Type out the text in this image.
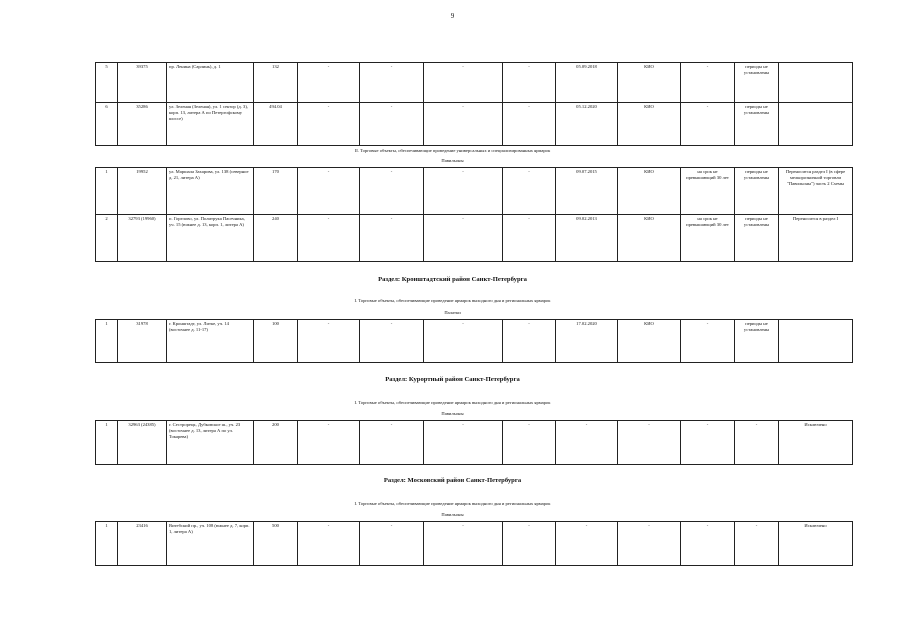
9
5	39375	пр. Ленина (Сарлинь), д. 1	132	-	-	-	-	05.09.2018	КИО	-	периоды не установлены	
6	35286	ул. Зеленая (Зеленая), ул. 1 сектор (д. 3), корп. 13, литера А по Петергофскому шоссе)	494.04	-	-	-	-	05.12.2020	КИО	-	периоды не установлены	
II. Торговые объекты, обеспечивающие проведение универсальных и специализированных ярмарок
Павильоны
1	19952	ул. Маршала Захарова, ул. 138 (северное д. 21, литера А)	170	-	-	-	-	09.07.2015	КИО	на срок не превышающий 30 лет	периоды не установлены	Переносится раздел I (в сфере мелкорозничной торговли "Павильоны") часть 2 Схемы
2	32793 (19960)	п. Горелово, ул. Политрука Пасечника, уч. 15 (южнее д. 13, корп. 1, литера А)	240	-	-	-	-	09.02.2013	КИО	на срок не превышающий 30 лет	периоды не установлены	Переносится в раздел I
Раздел: Кронштадтский район Санкт-Петербурга
I. Торговые объекты, обеспечивающие проведение ярмарок выходного дня и региональных ярмарок
Палатки
1	31978	г. Кронштадт, ул. Литке, уч. 14 (восточнее д. 11-17)	100	-	-	-	-	17.02.2020	КИО	-	периоды не установлены	
Раздел: Курортный район Санкт-Петербурга
I. Торговые объекты, обеспечивающие проведение ярмарок выходного дня и региональных ярмарок
Павильоны
1	32963 (24385)	г. Сестрорецк, Дубковское ш., уч. 23 (восточнее д. 13, литера А по ул. Токарева)	200	-	-	-	-	-	-	-	-	Исключено
Раздел: Московский район Санкт-Петербурга
I. Торговые объекты, обеспечивающие проведение ярмарок выходного дня и региональных ярмарок
Павильоны
1	23416	Витебский пр., уч. 108 (южнее д. 7, корп. 1, литера А)	500	-	-	-	-	-	-	-	-	Исключено
